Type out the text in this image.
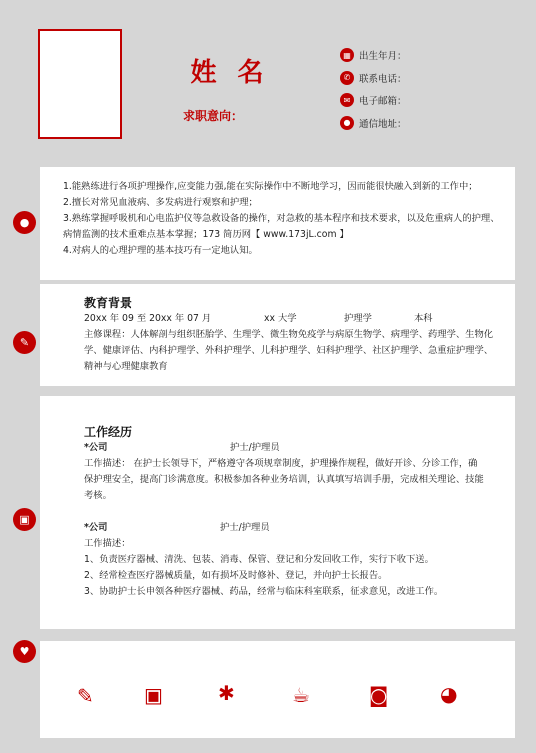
姓 名
求职意向：
▦ 出生年月：
✆ 联系电话：
✉ 电子邮箱：
● 通信地址：
●
✎
▣
♥
1.能熟练进行各项护理操作,应变能力强,能在实际操作中不断地学习，因而能很快融入到新的工作中；
2.擅长对常见血液病、多发病进行观察和护理；
3.熟练掌握呼吸机和心电监护仪等急救设备的操作，对急救的基本程序和技术要求，以及危重病人的护理、病情监测的技术重难点基本掌握；173 简历网【 www.173jL.com 】
4.对病人的心理护理的基本技巧有一定地认知。
教育背景
20xx 年 09 至 20xx 年 07 月	xx 大学	护理学	本科
主修课程：人体解剖与组织胚胎学、生理学、微生物免疫学与病原生物学、病理学、药理学、生物化学、健康评估、内科护理学、外科护理学、儿科护理学、妇科护理学、社区护理学、急重症护理学、精神与心理健康教育
工作经历
*公司	护士/护理员
工作描述： 在护士长领导下，严格遵守各项规章制度，护理操作规程，做好开诊、分诊工作，确保护理安全，提高门诊满意度。积极参加各种业务培训，认真填写培训手册，完成相关理论、技能考核。
*公司	护士/护理员
工作描述：
1、负责医疗器械、清洗、包装、消毒、保管、登记和分发回收工作，实行下收下送。
2、经常检查医疗器械质量，如有损坏及时修补、登记，并向护士长报告。
3、协助护士长申领各种医疗器械、药品，经常与临床科室联系，征求意见，改进工作。
✎	▣	✱	☕	◙	◕
